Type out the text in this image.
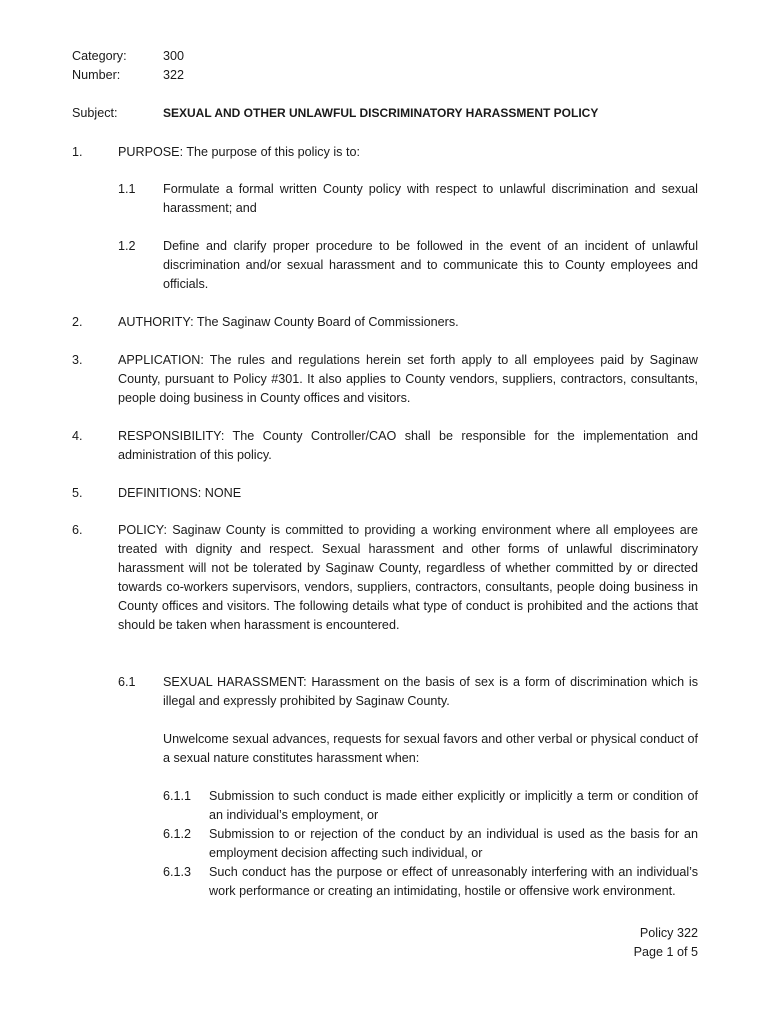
Category:	300
Number:	322
Subject:	SEXUAL AND OTHER UNLAWFUL DISCRIMINATORY HARASSMENT POLICY
1.	PURPOSE: The purpose of this policy is to:
1.1 Formulate a formal written County policy with respect to unlawful discrimination and sexual harassment; and
1.2 Define and clarify proper procedure to be followed in the event of an incident of unlawful discrimination and/or sexual harassment and to communicate this to County employees and officials.
2.	AUTHORITY: The Saginaw County Board of Commissioners.
3.	APPLICATION: The rules and regulations herein set forth apply to all employees paid by Saginaw County, pursuant to Policy #301. It also applies to County vendors, suppliers, contractors, consultants, people doing business in County offices and visitors.
4.	RESPONSIBILITY: The County Controller/CAO shall be responsible for the implementation and administration of this policy.
5.	DEFINITIONS: NONE
6.	POLICY: Saginaw County is committed to providing a working environment where all employees are treated with dignity and respect. Sexual harassment and other forms of unlawful discriminatory harassment will not be tolerated by Saginaw County, regardless of whether committed by or directed towards co-workers supervisors, vendors, suppliers, contractors, consultants, people doing business in County offices and visitors. The following details what type of conduct is prohibited and the actions that should be taken when harassment is encountered.
6.1 SEXUAL HARASSMENT: Harassment on the basis of sex is a form of discrimination which is illegal and expressly prohibited by Saginaw County.
Unwelcome sexual advances, requests for sexual favors and other verbal or physical conduct of a sexual nature constitutes harassment when:
6.1.1 Submission to such conduct is made either explicitly or implicitly a term or condition of an individual’s employment, or
6.1.2 Submission to or rejection of the conduct by an individual is used as the basis for an employment decision affecting such individual, or
6.1.3 Such conduct has the purpose or effect of unreasonably interfering with an individual’s work performance or creating an intimidating, hostile or offensive work environment.
Policy 322
Page 1 of 5
